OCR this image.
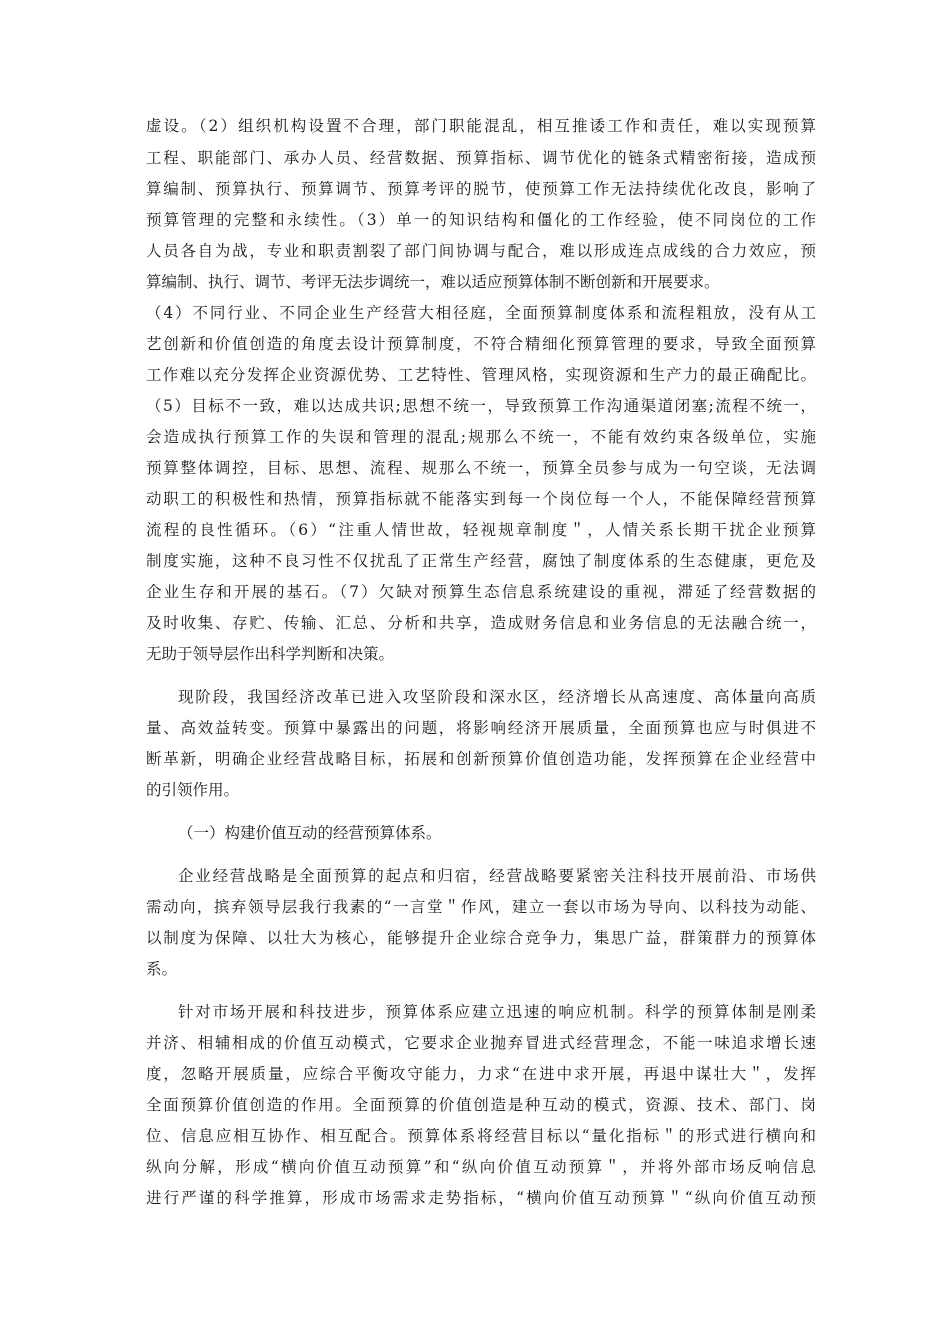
虚设。（2）组织机构设置不合理，部门职能混乱，相互推诿工作和责任，难以实现预算
工程、职能部门、承办人员、经营数据、预算指标、调节优化的链条式精密衔接，造成预
算编制、预算执行、预算调节、预算考评的脱节，使预算工作无法持续优化改良，影响了
预算管理的完整和永续性。（3）单一的知识结构和僵化的工作经验，使不同岗位的工作
人员各自为战，专业和职责割裂了部门间协调与配合，难以形成连点成线的合力效应，预
算编制、执行、调节、考评无法步调统一，难以适应预算体制不断创新和开展要求。
（4）不同行业、不同企业生产经营大相径庭，全面预算制度体系和流程粗放，没有从工
艺创新和价值创造的角度去设计预算制度，不符合精细化预算管理的要求，导致全面预算
工作难以充分发挥企业资源优势、工艺特性、管理风格，实现资源和生产力的最正确配比。
（5）目标不一致，难以达成共识;思想不统一，导致预算工作沟通渠道闭塞;流程不统一，
会造成执行预算工作的失误和管理的混乱;规那么不统一，不能有效约束各级单位，实施
预算整体调控，目标、思想、流程、规那么不统一，预算全员参与成为一句空谈，无法调
动职工的积极性和热情，预算指标就不能落实到每一个岗位每一个人，不能保障经营预算
流程的良性循环。（6）“注重人情世故，轻视规章制度＂，人情关系长期干扰企业预算
制度实施，这种不良习性不仅扰乱了正常生产经营，腐蚀了制度体系的生态健康，更危及
企业生存和开展的基石。（7）欠缺对预算生态信息系统建设的重视，滞延了经营数据的
及时收集、存贮、传输、汇总、分析和共享，造成财务信息和业务信息的无法融合统一，
无助于领导层作出科学判断和决策。
现阶段，我国经济改革已进入攻坚阶段和深水区，经济增长从高速度、高体量向高质
量、高效益转变。预算中暴露出的问题，将影响经济开展质量，全面预算也应与时俱进不
断革新，明确企业经营战略目标，拓展和创新预算价值创造功能，发挥预算在企业经营中
的引领作用。
（一）构建价值互动的经营预算体系。
企业经营战略是全面预算的起点和归宿，经营战略要紧密关注科技开展前沿、市场供
需动向，摈弃领导层我行我素的“一言堂＂作风，建立一套以市场为导向、以科技为动能、
以制度为保障、以壮大为核心，能够提升企业综合竞争力，集思广益，群策群力的预算体
系。
针对市场开展和科技进步，预算体系应建立迅速的响应机制。科学的预算体制是刚柔
并济、相辅相成的价值互动模式，它要求企业抛弃冒进式经营理念，不能一味追求增长速
度，忽略开展质量，应综合平衡攻守能力，力求“在进中求开展，再退中谋壮大＂，发挥
全面预算价值创造的作用。全面预算的价值创造是种互动的模式，资源、技术、部门、岗
位、信息应相互协作、相互配合。预算体系将经营目标以“量化指标＂的形式进行横向和
纵向分解，形成“横向价值互动预算”和“纵向价值互动预算＂，并将外部市场反响信息
进行严谨的科学推算，形成市场需求走势指标，“横向价值互动预算＂“纵向价值互动预
